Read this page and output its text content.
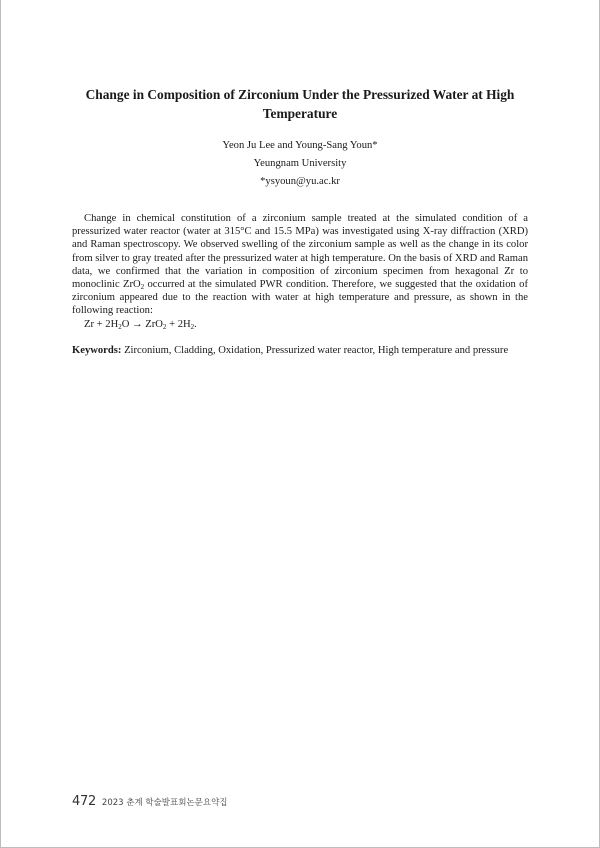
Change in Composition of Zirconium Under the Pressurized Water at High Temperature
Yeon Ju Lee and Young-Sang Youn*
Yeungnam University
*ysyoun@yu.ac.kr

Change in chemical constitution of a zirconium sample treated at the simulated condition of a pressurized water reactor (water at 315°C and 15.5 MPa) was investigated using X-ray diffraction (XRD) and Raman spectroscopy. We observed swelling of the zirconium sample as well as the change in its color from silver to gray treated after the pressurized water at high temperature. On the basis of XRD and Raman data, we confirmed that the variation in composition of zirconium specimen from hexagonal Zr to monoclinic ZrO$_2$ occurred at the simulated PWR condition. Therefore, we suggested that the oxidation of zirconium appeared due to the reaction with water at high temperature and pressure, as shown in the following reaction:

$Zr + 2H_2O \to ZrO_2 + 2H_2$.
Keywords: Zirconium, Cladding, Oxidation, Pressurized water reactor, High temperature and pressure
472 2023 춘계 학술발표회논문요약집
